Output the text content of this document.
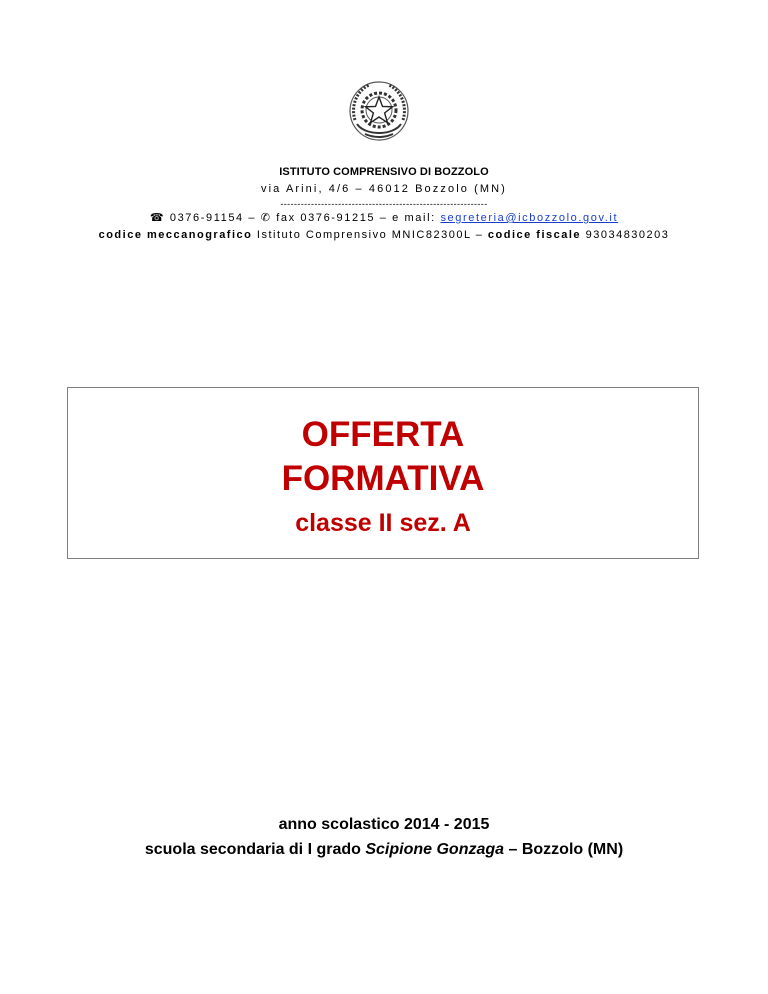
ISTITUTO COMPRENSIVO DI BOZZOLO
via Arini, 4/6 – 46012 Bozzolo (MN)
-------------------------------------------------------------
☎ 0376-91154 – ✆ fax 0376-91215 – e mail: segreteria@icbozzolo.gov.it
codice meccanografico Istituto Comprensivo MNIC82300L – codice fiscale 93034830203
OFFERTA
FORMATIVA
classe II sez. A
anno scolastico 2014 - 2015
scuola secondaria di I grado Scipione Gonzaga – Bozzolo (MN)
